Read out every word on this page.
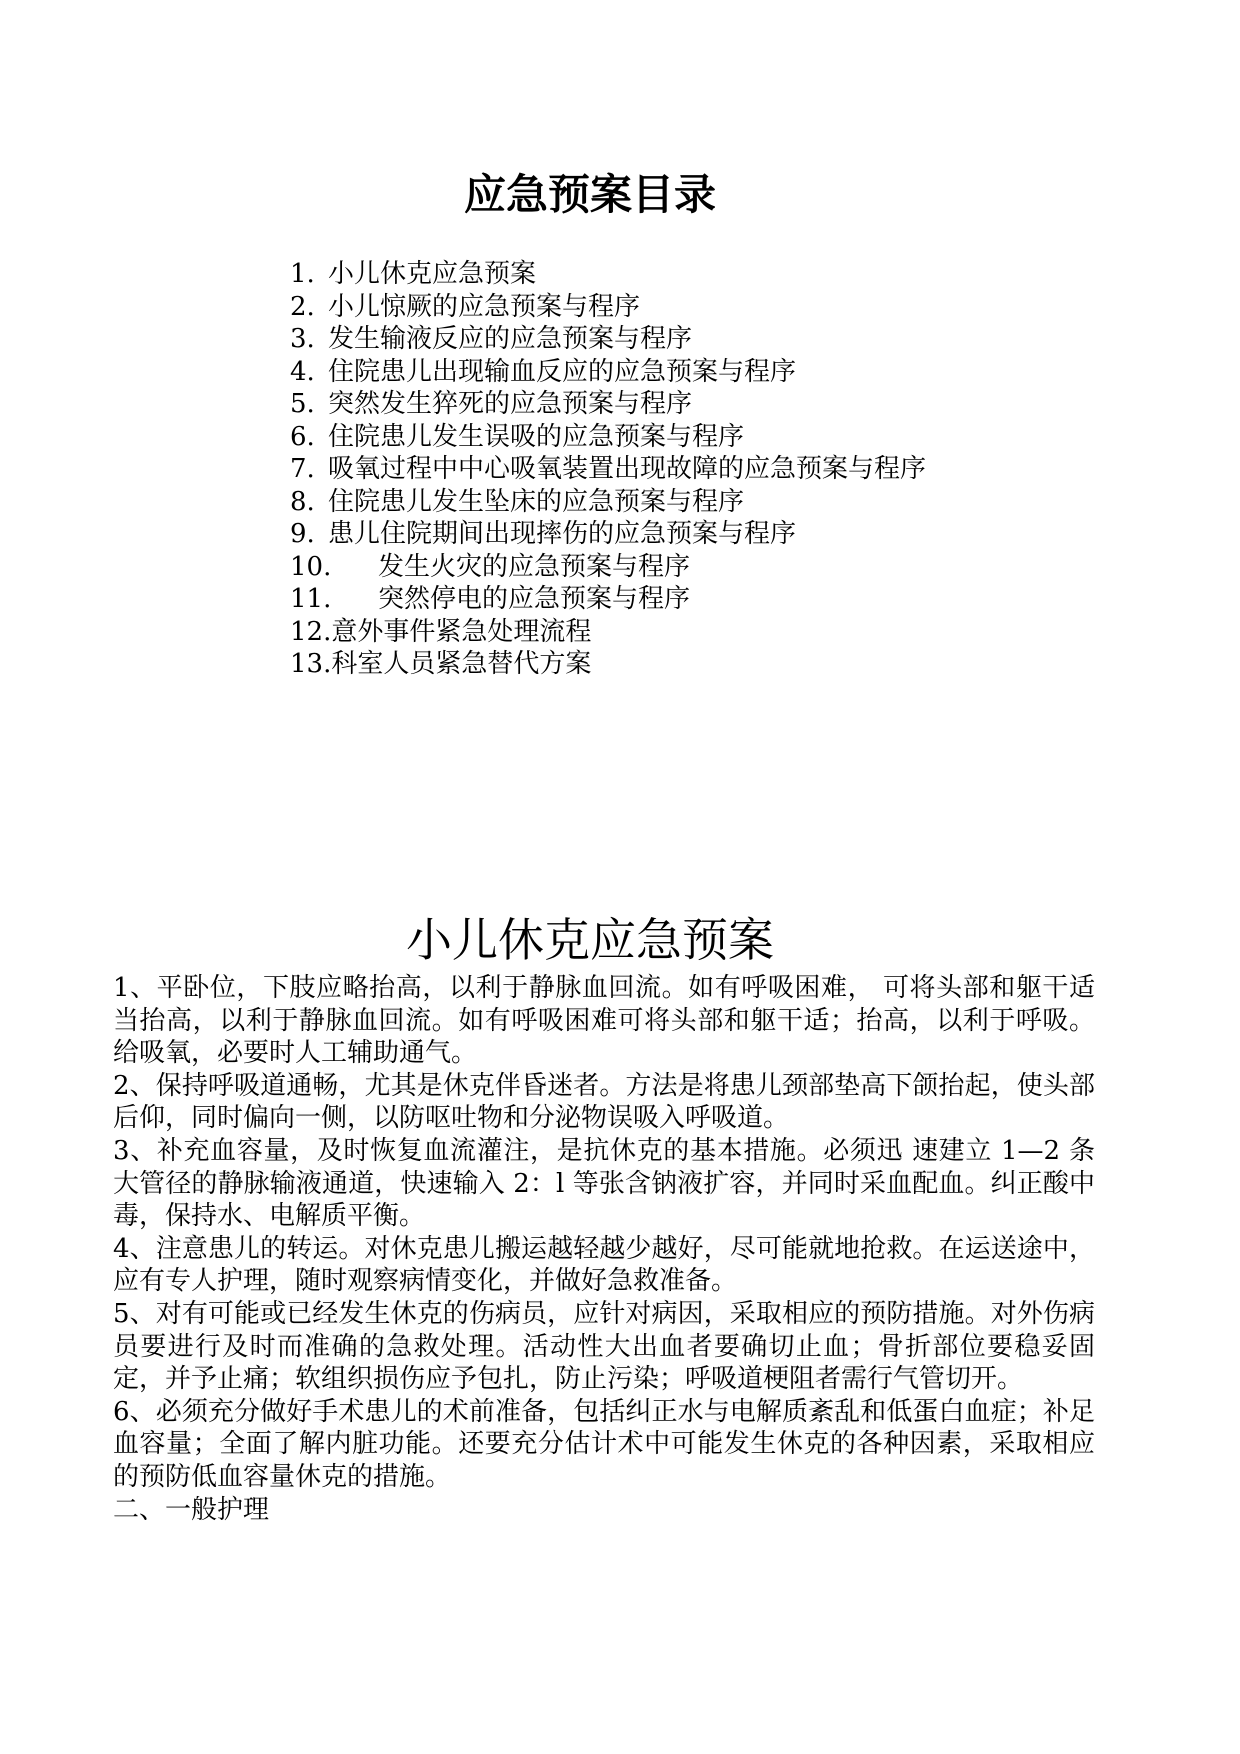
应急预案目录
1. 小儿休克应急预案
2. 小儿惊厥的应急预案与程序
3. 发生输液反应的应急预案与程序
4. 住院患儿出现输血反应的应急预案与程序
5. 突然发生猝死的应急预案与程序
6. 住院患儿发生误吸的应急预案与程序
7. 吸氧过程中中心吸氧装置出现故障的应急预案与程序
8. 住院患儿发生坠床的应急预案与程序
9. 患儿住院期间出现摔伤的应急预案与程序
10. 发生火灾的应急预案与程序
11. 突然停电的应急预案与程序
12.意外事件紧急处理流程
13.科室人员紧急替代方案
小儿休克应急预案

1、平卧位，下肢应略抬高，以利于静脉血回流。如有呼吸困难， 可将头部和躯干适当抬高，以利于静脉血回流。如有呼吸困难可将头部和躯干适；抬高，以利于呼吸。给吸氧，必要时人工辅助通气。

2、保持呼吸道通畅，尤其是休克伴昏迷者。方法是将患儿颈部垫高下颌抬起，使头部后仰，同时偏向一侧，以防呕吐物和分泌物误吸入呼吸道。

3、补充血容量，及时恢复血流灌注，是抗休克的基本措施。必须迅 速建立 1—2 条大管径的静脉输液通道，快速输入 2：l 等张含钠液扩容，并同时采血配血。纠正酸中毒，保持水、电解质平衡。

4、注意患儿的转运。对休克患儿搬运越轻越少越好，尽可能就地抢救。在运送途中，应有专人护理，随时观察病情变化，并做好急救准备。

5、对有可能或已经发生休克的伤病员，应针对病因，采取相应的预防措施。对外伤病员要进行及时而准确的急救处理。活动性大出血者要确切止血；骨折部位要稳妥固定，并予止痛；软组织损伤应予包扎，防止污染；呼吸道梗阻者需行气管切开。

6、必须充分做好手术患儿的术前准备，包括纠正水与电解质紊乱和低蛋白血症；补足血容量；全面了解内脏功能。还要充分估计术中可能发生休克的各种因素，采取相应的预防低血容量休克的措施。

二、一般护理
